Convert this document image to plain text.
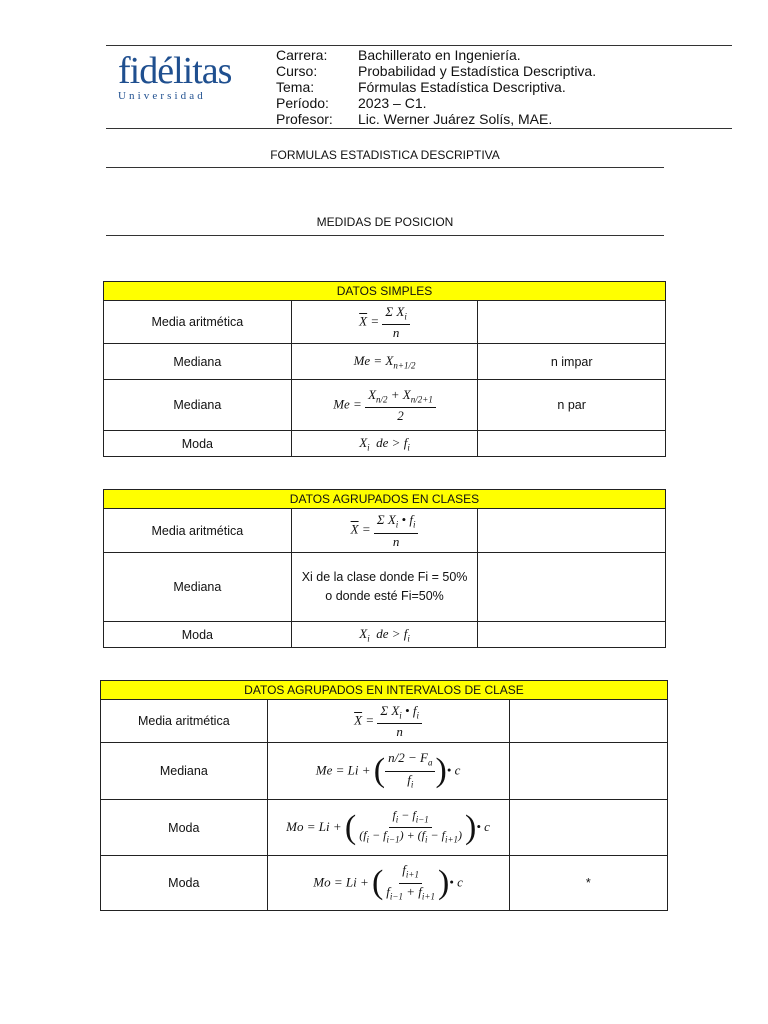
fidélitas
Universidad
Carrera:	Bachillerato en Ingeniería.
Curso:	Probabilidad y Estadística Descriptiva.
Tema:	Fórmulas Estadística Descriptiva.
Período:	2023 – C1.
Profesor:	Lic. Werner Juárez Solís, MAE.
FORMULAS ESTADISTICA DESCRIPTIVA
MEDIDAS DE POSICION
DATOS SIMPLES		
Media aritmética	$\overline{X} = \frac{\Sigma X_i}{n}$

Mediana	$Me = X_{n+1/2}$	n impar
Mediana	$Me = \frac{X_{n/2} + X_{n/2+1}}{2}$	n par
Moda	$X_i$  de > $f_i$	
DATOS AGRUPADOS EN CLASES		
Media aritmética	$\overline{X} = \frac{\Sigma X_i • f_i}{n}$

Mediana	Xi de la clase donde Fi = 50% o donde esté Fi=50%	
Moda	$X_i$  de > $f_i$	
DATOS AGRUPADOS EN INTERVALOS DE CLASE		
Media aritmética	$\overline{X} = \frac{\Sigma X_i • f_i}{n}$

Mediana	Me = Li + ( $\frac{n/2 - F_a}{f_i}$ )• c	
Moda	Mo = Li + ( $\frac{f_i - f_{i-1}}{(f_i - f_{i-1}) + (f_i - f_{i+1})}$ )• c	
Moda	Mo = Li + ( $\frac{f_{i+1}}{f_{i-1} + f_{i+1}}$ )• c	*
